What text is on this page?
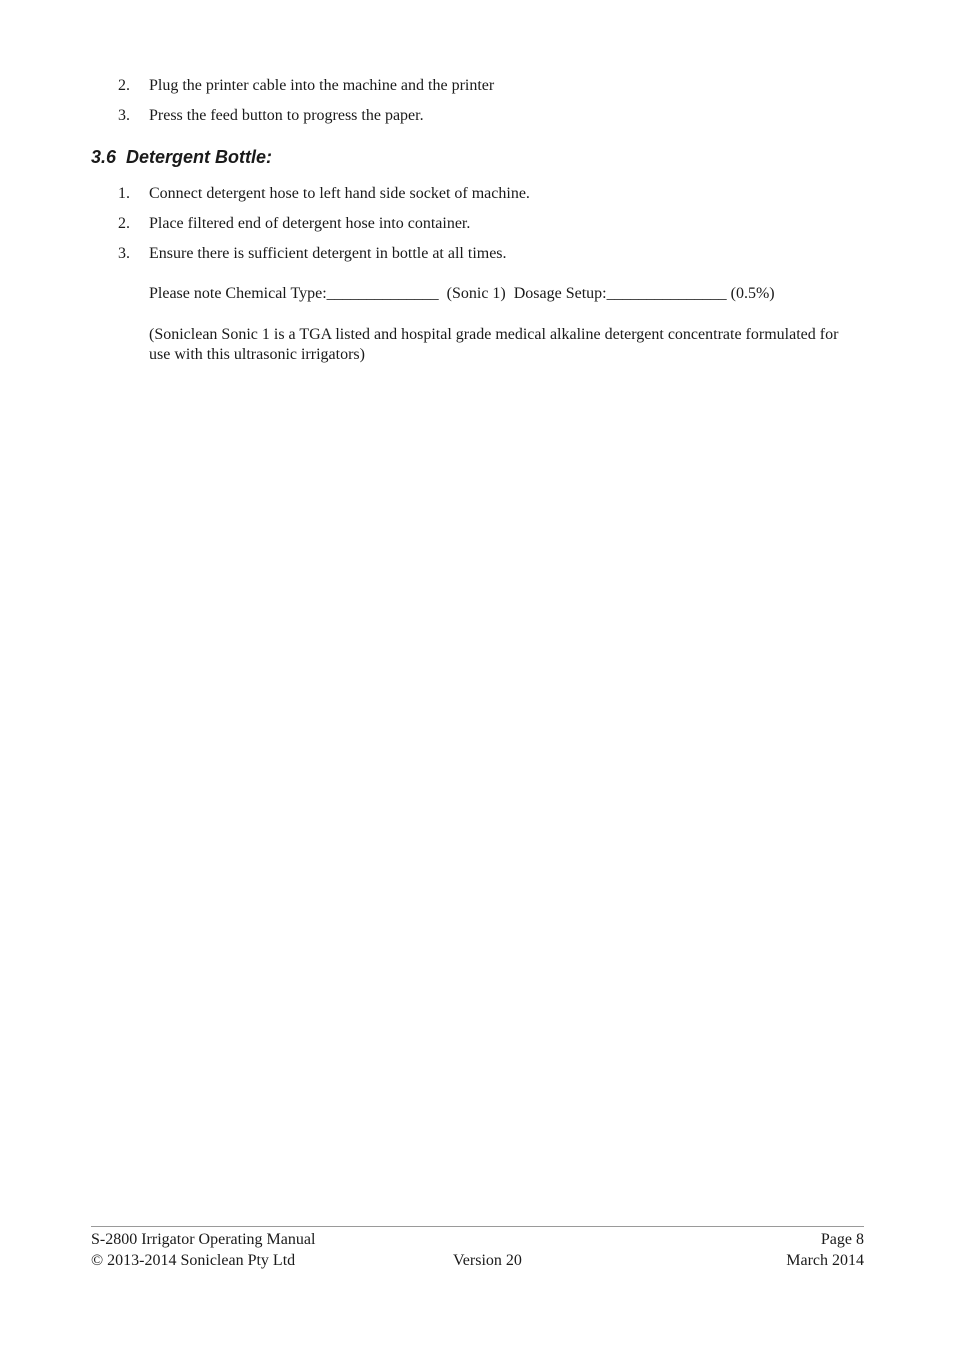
2.	Plug the printer cable into the machine and the printer
3.	Press the feed button to progress the paper.
3.6 Detergent Bottle:
1.	Connect detergent hose to left hand side socket of machine.
2.	Place filtered end of detergent hose into container.
3.	Ensure there is sufficient detergent in bottle at all times.

Please note Chemical Type:______________  (Sonic 1)  Dosage Setup:_______________ (0.5%)

(Soniclean Sonic 1 is a TGA listed and hospital grade medical alkaline detergent concentrate formulated for use with this ultrasonic irrigators)

S-2800 Irrigator Operating Manual	Page 8
© 2013-2014 Soniclean Pty Ltd	Version 20	March 2014
